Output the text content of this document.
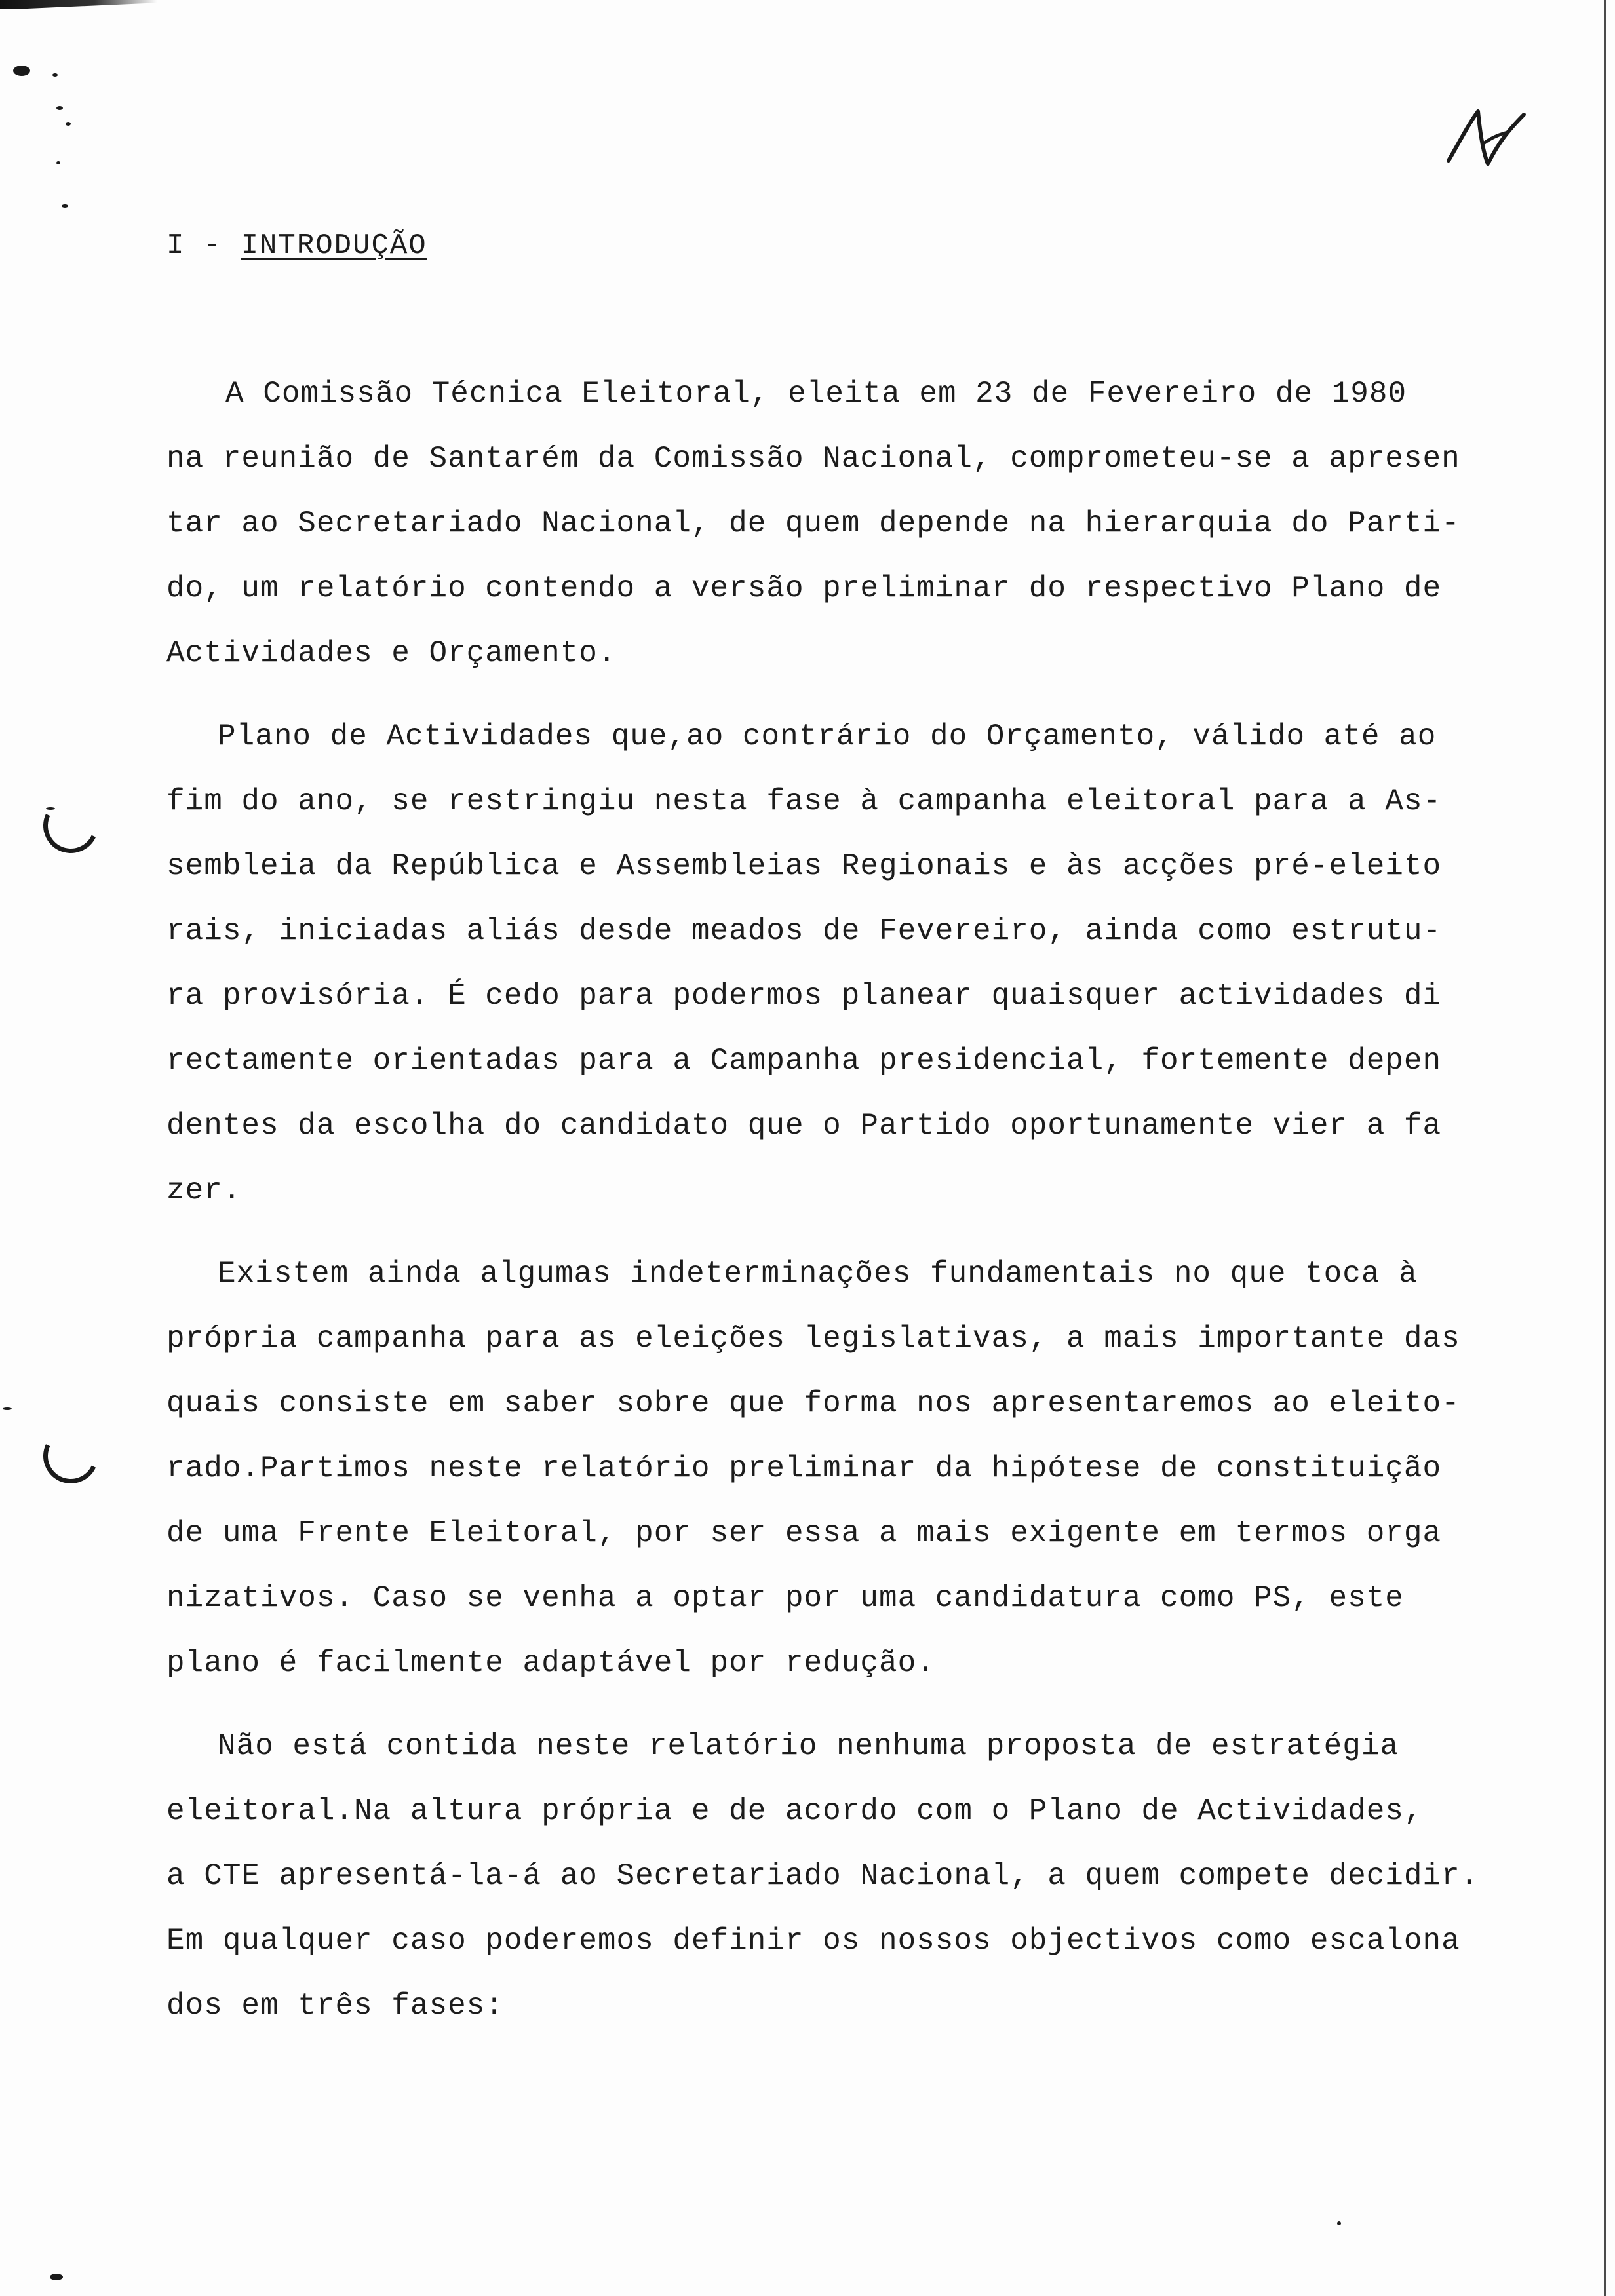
I - INTRODUÇÃO
A Comissão Técnica Eleitoral, eleita em 23 de Fevereiro de 1980
na reunião de Santarém da Comissão Nacional, comprometeu-se a apresen
tar ao Secretariado Nacional, de quem depende na hierarquia do Parti-
do, um relatório contendo a versão preliminar do respectivo Plano de
Actividades e Orçamento.
Plano de Actividades que,ao contrário do Orçamento, válido até ao
fim do ano, se restringiu nesta fase à campanha eleitoral para a As-
sembleia da República e Assembleias Regionais e às acções pré-eleito
rais, iniciadas aliás desde meados de Fevereiro, ainda como estrutu-
ra provisória. É cedo para podermos planear quaisquer actividades di
rectamente orientadas para a Campanha presidencial, fortemente depen
dentes da escolha do candidato que o Partido oportunamente vier a fa
zer.
Existem ainda algumas indeterminações fundamentais no que toca à
própria campanha para as eleições legislativas, a mais importante das
quais consiste em saber sobre que forma nos apresentaremos ao eleito-
rado.Partimos neste relatório preliminar da hipótese de constituição
de uma Frente Eleitoral, por ser essa a mais exigente em termos orga
nizativos. Caso se venha a optar por uma candidatura como PS, este
plano é facilmente adaptável por redução.
Não está contida neste relatório nenhuma proposta de estratégia
eleitoral.Na altura própria e de acordo com o Plano de Actividades,
a CTE apresentá-la-á ao Secretariado Nacional, a quem compete decidir.
Em qualquer caso poderemos definir os nossos objectivos como escalona
dos em três fases:
